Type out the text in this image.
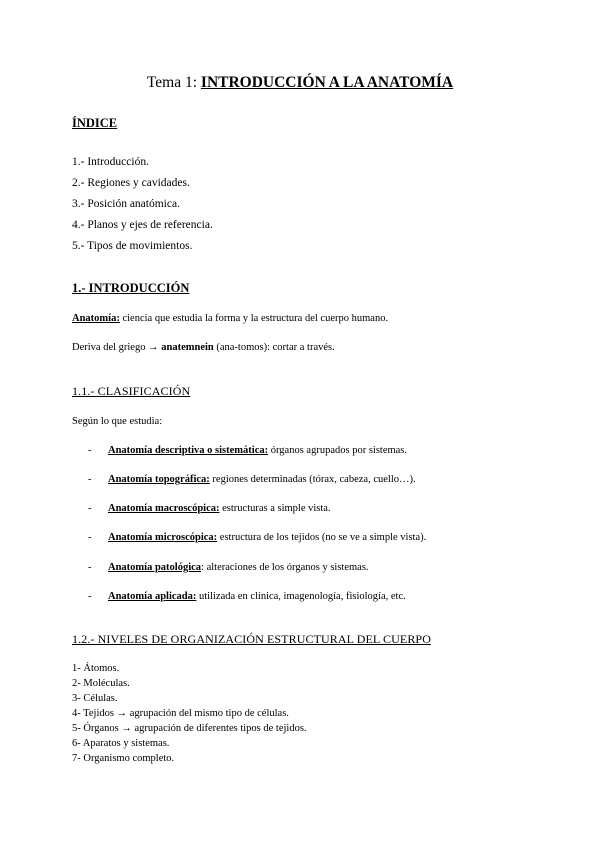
Tema 1: INTRODUCCIÓN A LA ANATOMÍA
ÍNDICE
1.- Introducción.
2.- Regiones y cavidades.
3.- Posición anatómica.
4.- Planos y ejes de referencia.
5.- Tipos de movimientos.
1.- INTRODUCCIÓN
Anatomía: ciencia que estudia la forma y la estructura del cuerpo humano.
Deriva del griego → anatemnein (ana-tomos): cortar a través.
1.1.- CLASIFICACIÓN
Según lo que estudia:
- Anatomía descriptiva o sistemática: órganos agrupados por sistemas.
- Anatomía topográfica: regiones determinadas (tórax, cabeza, cuello…).
- Anatomía macroscópica: estructuras a simple vista.
- Anatomía microscópica: estructura de los tejidos (no se ve a simple vista).
- Anatomía patológica: alteraciones de los órganos y sistemas.
- Anatomía aplicada: utilizada en clínica, imagenología, fisiología, etc.
1.2.- NIVELES DE ORGANIZACIÓN ESTRUCTURAL DEL CUERPO
1- Átomos.
2- Moléculas.
3- Células.
4- Tejidos → agrupación del mismo tipo de células.
5- Órganos → agrupación de diferentes tipos de tejidos.
6- Aparatos y sistemas.
7- Organismo completo.
